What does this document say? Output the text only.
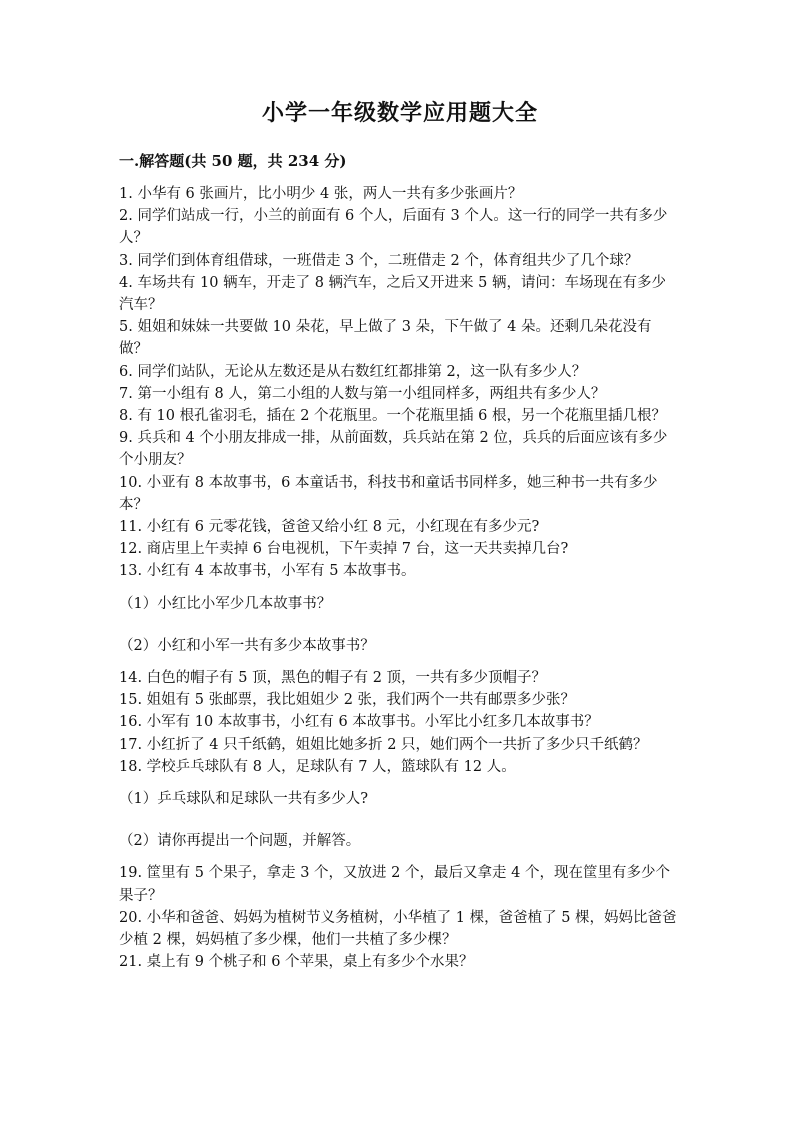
小学一年级数学应用题大全
一.解答题(共 50 题，共 234 分)

1. 小华有 6 张画片，比小明少 4 张，两人一共有多少张画片？

2. 同学们站成一行，小兰的前面有 6 个人，后面有 3 个人。这一行的同学一共有多少人？

3. 同学们到体育组借球，一班借走 3 个，二班借走 2 个，体育组共少了几个球？

4. 车场共有 10 辆车，开走了 8 辆汽车，之后又开进来 5 辆，请问：车场现在有多少汽车？

5. 姐姐和妹妹一共要做 10 朵花，早上做了 3 朵，下午做了 4 朵。还剩几朵花没有做？

6. 同学们站队，无论从左数还是从右数红红都排第 2，这一队有多少人？

7. 第一小组有 8 人，第二小组的人数与第一小组同样多，两组共有多少人？

8. 有 10 根孔雀羽毛，插在 2 个花瓶里。一个花瓶里插 6 根，另一个花瓶里插几根？

9. 兵兵和 4 个小朋友排成一排，从前面数，兵兵站在第 2 位，兵兵的后面应该有多少个小朋友？

10. 小亚有 8 本故事书，6 本童话书，科技书和童话书同样多，她三种书一共有多少本？

11. 小红有 6 元零花钱，爸爸又给小红 8 元，小红现在有多少元?

12. 商店里上午卖掉 6 台电视机，下午卖掉 7 台，这一天共卖掉几台?

13. 小红有 4 本故事书，小军有 5 本故事书。

（1）小红比小军少几本故事书？

（2）小红和小军一共有多少本故事书？

14. 白色的帽子有 5 顶，黑色的帽子有 2 顶，一共有多少顶帽子？

15. 姐姐有 5 张邮票，我比姐姐少 2 张，我们两个一共有邮票多少张？

16. 小军有 10 本故事书，小红有 6 本故事书。小军比小红多几本故事书？

17. 小红折了 4 只千纸鹤，姐姐比她多折 2 只，她们两个一共折了多少只千纸鹤？

18. 学校乒乓球队有 8 人，足球队有 7 人，篮球队有 12 人。

（1）乒乓球队和足球队一共有多少人?

（2）请你再提出一个问题，并解答。

19. 筐里有 5 个果子，拿走 3 个，又放进 2 个，最后又拿走 4 个，现在筐里有多少个果子？

20. 小华和爸爸、妈妈为植树节义务植树，小华植了 1 棵，爸爸植了 5 棵，妈妈比爸爸少植 2 棵，妈妈植了多少棵，他们一共植了多少棵？

21. 桌上有 9 个桃子和 6 个苹果，桌上有多少个水果？
